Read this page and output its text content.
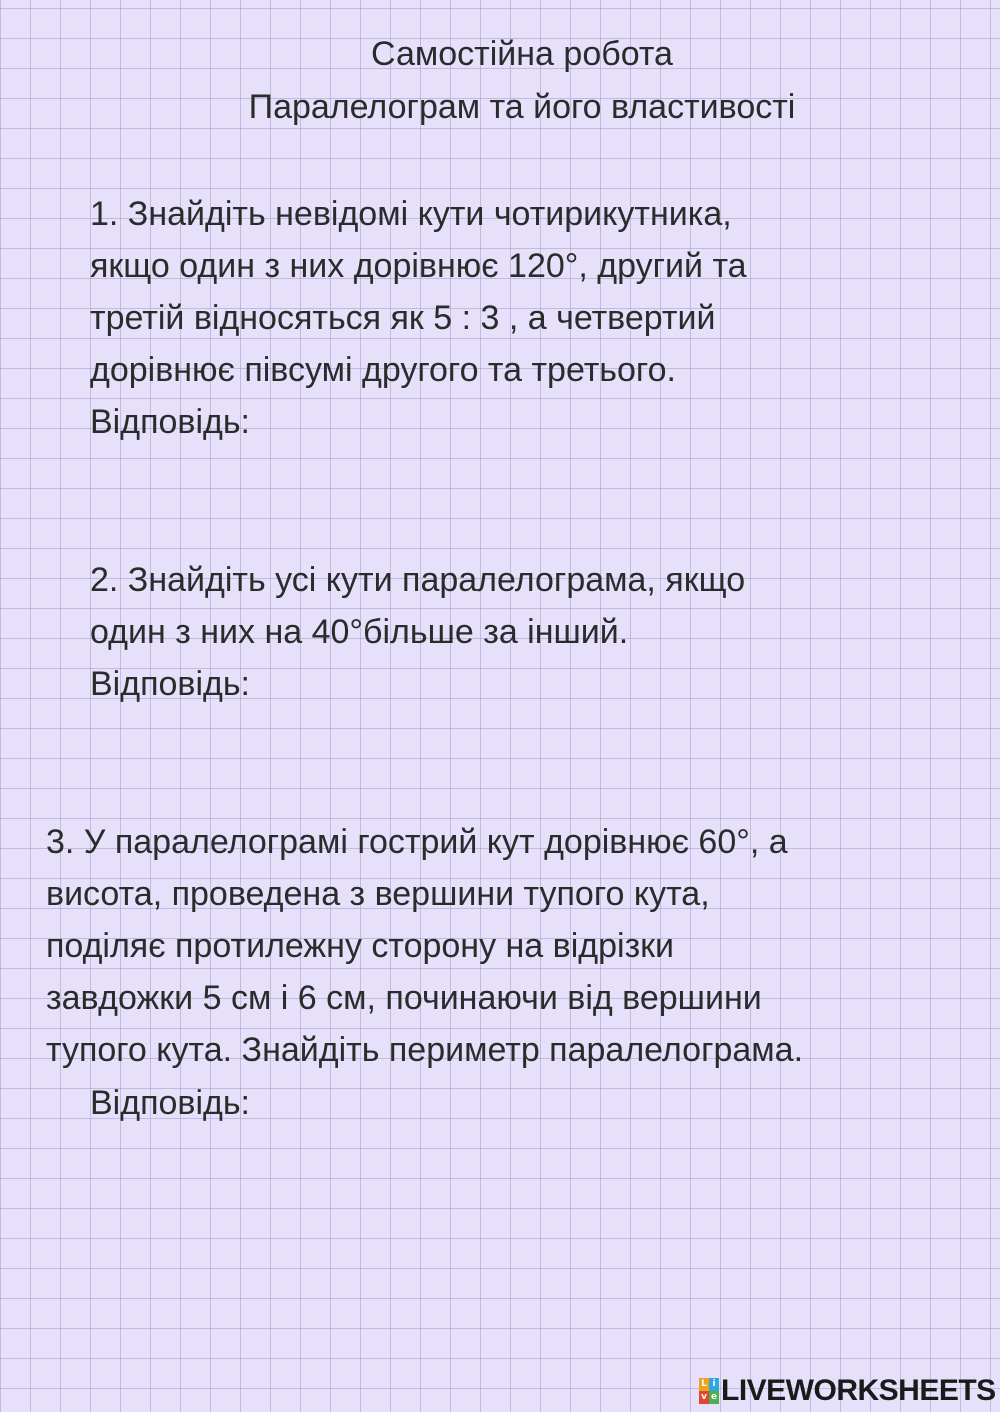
Самостійна робота
Паралелограм та його властивості
1. Знайдіть невідомі кути чотирикутника,
якщо один з них дорівнює 120°, другий та
третій відносяться як 5 : 3 , а четвертий
дорівнює півсумі другого та третього.
Відповідь:
2. Знайдіть усі кути паралелограма, якщо
один з них на 40°більше за інший.
Відповідь:
3. У паралелограмі гострий кут дорівнює 60°, а
висота, проведена з вершини тупого кута,
поділяє протилежну сторону на відрізки
завдожки 5 см і 6 см, починаючи від вершини
тупого кута. Знайдіть периметр паралелограма.
Відповідь:
L i
v e LIVEWORKSHEETS
